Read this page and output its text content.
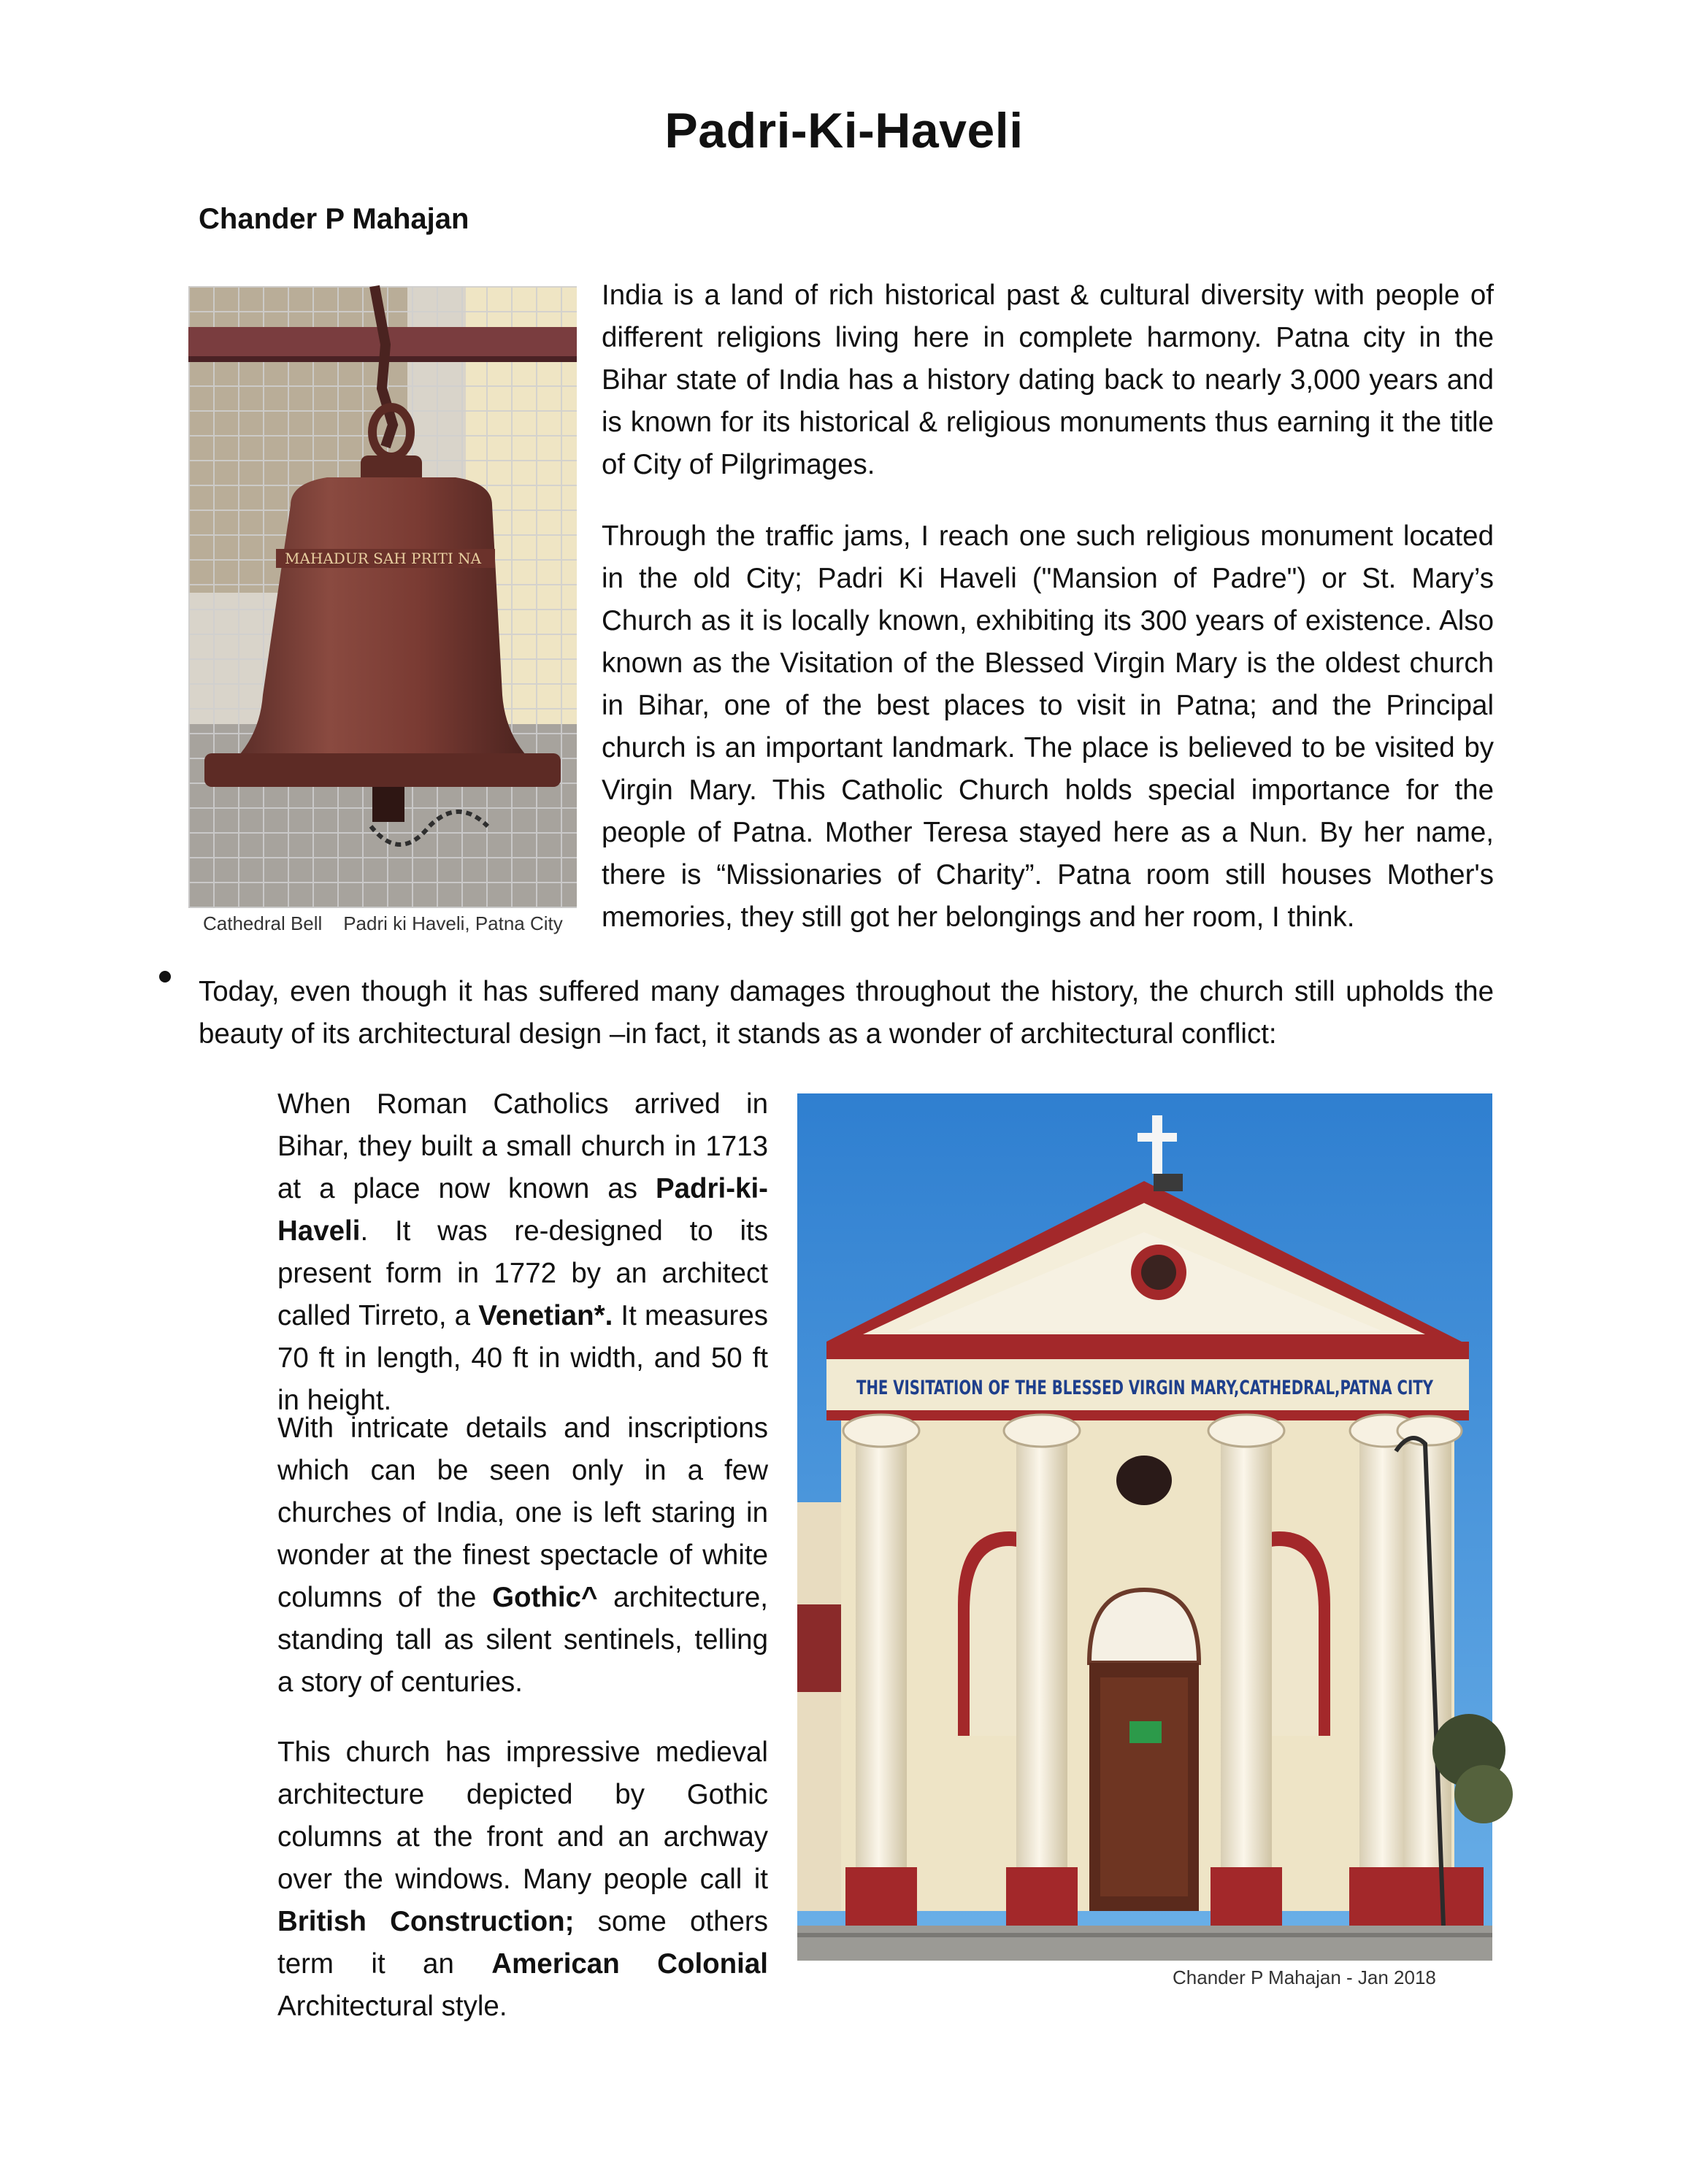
Padri-Ki-Haveli
Chander P Mahajan
MAHADUR SAH PRITI NA
Cathedral Bell    Padri ki Haveli, Patna City
India is a land of rich historical past & cultural diversity with people of different religions living here in complete harmony. Patna city in the Bihar state of India has a history dating back to nearly 3,000 years and is known for its historical & religious monuments thus earning it the title of City of Pilgrimages.
Through the traffic jams, I reach one such religious monument located in the old City; Padri Ki Haveli ("Mansion of Padre") or St. Mary’s Church as it is locally known, exhibiting its 300 years of existence. Also known as the Visitation of the Blessed Virgin Mary is the oldest church in Bihar, one of the best places to visit in Patna; and the Principal church is an important landmark. The place is believed to be visited by Virgin Mary. This Catholic Church holds special importance for the people of Patna. Mother Teresa stayed here as a Nun. By her name, there is “Missionaries of Charity”. Patna room still houses Mother's memories, they still got her belongings and her room, I think.
Today, even though it has suffered many damages throughout the history, the church still upholds the beauty of its architectural design –in fact, it stands as a wonder of architectural conflict:
When Roman Catholics arrived in Bihar, they built a small church in 1713 at a place now known as Padri-ki-Haveli. It was re-designed to its present form in 1772 by an architect called Tirreto, a Venetian*. It measures 70 ft in length, 40 ft in width, and 50 ft in height.
With intricate details and inscriptions which can be seen only in a few churches of India, one is left staring in wonder at the finest spectacle of white columns of the Gothic^ architecture, standing tall as silent sentinels, telling a story of centuries.
This church has impressive medieval architecture depicted by Gothic columns at the front and an archway over the windows. Many people call it British Construction; some others term it an American Colonial Architectural style.
THE VISITATION OF THE BLESSED VIRGIN MARY,CATHEDRAL,PATNA CITY
Chander P Mahajan - Jan 2018
